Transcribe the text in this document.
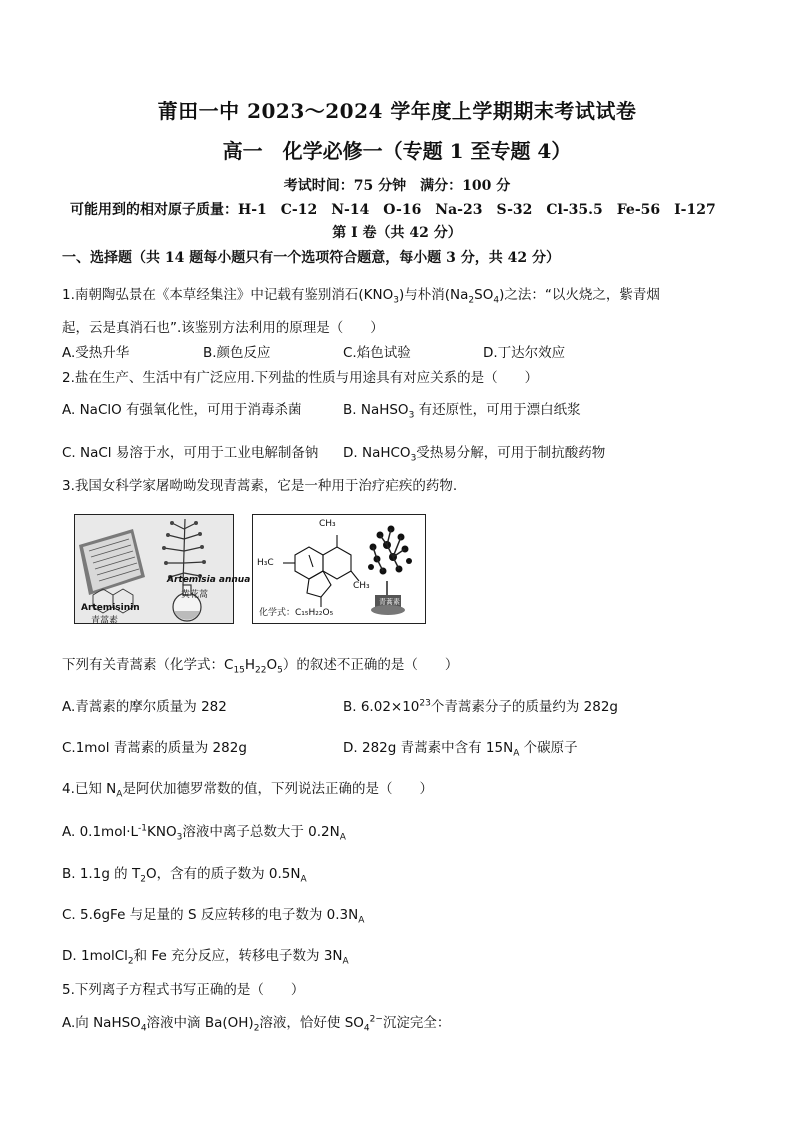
莆田一中 2023～2024 学年度上学期期末考试试卷
高一　化学必修一（专题 1 至专题 4）
考试时间：75 分钟　满分：100 分
可能用到的相对原子质量：H-1　C-12　N-14　O-16　Na-23　S-32　Cl-35.5　Fe-56　I-127
第 Ⅰ 卷（共 42 分）
一、选择题（共 14 题每小题只有一个选项符合题意，每小题 3 分，共 42 分）
1.南朝陶弘景在《本草经集注》中记载有鉴别消石$(KNO_3)$与朴消$(Na_2SO_4)$之法：“以火烧之，紫青烟
起，云是真消石也”.该鉴别方法利用的原理是（　　）
A.受热升华	B.颜色反应	C.焰色试验	D.丁达尔效应
2.盐在生产、生活中有广泛应用.下列盐的性质与用途具有对应关系的是（　　）
A. NaClO 有强氧化性，可用于消毒杀菌	B. NaHSO$_3$ 有还原性，可用于漂白纸浆
C. NaCl 易溶于水，可用于工业电解制备钠 D. NaHCO$_3$受热易分解，可用于制抗酸药物
3.我国女科学家屠呦呦发现青蒿素，它是一种用于治疗疟疾的药物.
Artemisia annua
黄花蒿
Artemisinin
青蒿素
CH₃
H₃C
CH₃
化学式：C₁₅H₂₂O₅
青蒿素
下列有关青蒿素（化学式：$C_{15}H_{22}O_5$）的叙述不正确的是（　　）
A.青蒿素的摩尔质量为 282	B. $6.02\times 10^{23}$个青蒿素分子的质量约为 282g
C.1mol 青蒿素的质量为 282g	D. 282g 青蒿素中含有 $15N_A$ 个碳原子
4.已知 $N_A$是阿伏加德罗常数的值，下列说法正确的是（　　）
A. $0.1mol\cdot L^{-1}KNO_3$溶液中离子总数大于 $0.2N_A$
B. 1.1g 的 $T_2O$，含有的质子数为 $0.5N_A$
C. 5.6gFe 与足量的 S 反应转移的电子数为 $0.3N_A$
D. 1molCl$_2$和 Fe 充分反应，转移电子数为 $3N_A$
5.下列离子方程式书写正确的是（　　）
A.向 NaHSO$_4$溶液中滴 $Ba(OH)_2$溶液，恰好使 $SO_4^{2-}$沉淀完全：
